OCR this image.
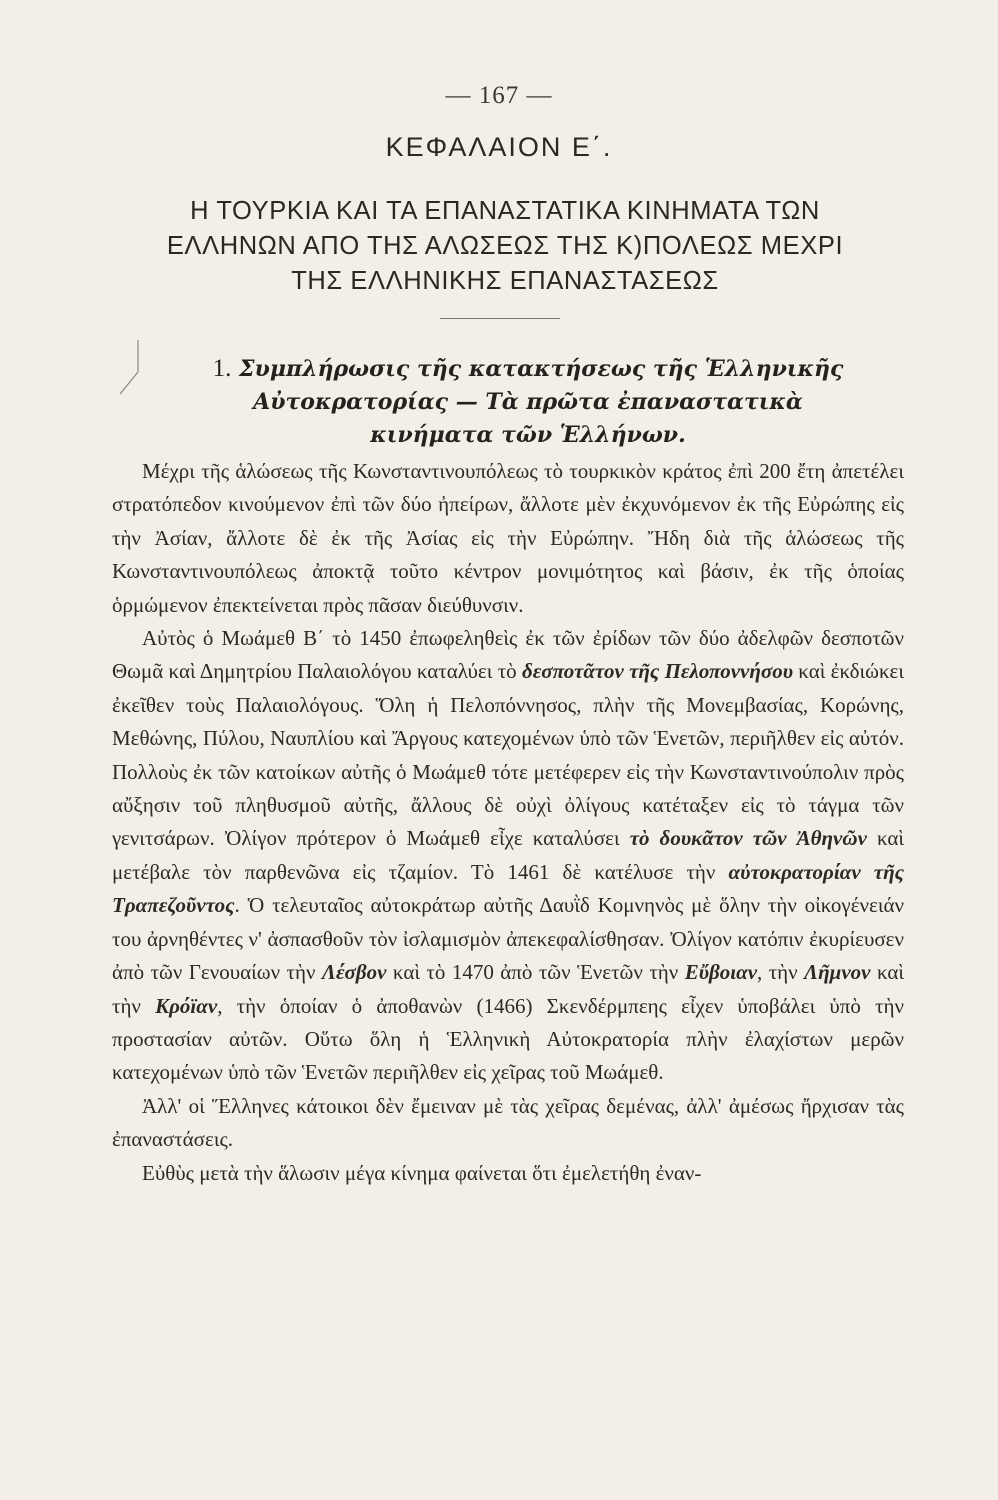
— 167 —
ΚΕΦΑΛΑΙΟΝ Ε΄.
Η ΤΟΥΡΚΙΑ ΚΑΙ ΤΑ ΕΠΑΝΑΣΤΑΤΙΚΑ ΚΙΝΗΜΑΤΑ ΤΩΝ
ΕΛΛΗΝΩΝ ΑΠΟ ΤΗΣ ΑΛΩΣΕΩΣ ΤΗΣ Κ)ΠΟΛΕΩΣ ΜΕΧΡΙ
ΤΗΣ ΕΛΛΗΝΙΚΗΣ ΕΠΑΝΑΣΤΑΣΕΩΣ
1. Συμπλήρωσις τῆς κατακτήσεως τῆς Ἑλληνικῆς
Αὐτοκρατορίας — Τὰ πρῶτα ἐπαναστατικὰ
κινήματα τῶν Ἑλλήνων.

Μέχρι τῆς ἁλώσεως τῆς Κωνσταντινουπόλεως τὸ τουρκικὸν κράτος ἐπὶ 200 ἔτη ἀπετέλει στρατόπεδον κινούμενον ἐπὶ τῶν δύο ἠπείρων, ἄλλοτε μὲν ἐκχυνόμενον ἐκ τῆς Εὐρώπης εἰς τὴν Ἀσίαν, ἄλλοτε δὲ ἐκ τῆς Ἀσίας εἰς τὴν Εὐρώπην. Ἤδη διὰ τῆς ἁλώσεως τῆς Κωνσταντινουπόλεως ἀποκτᾷ τοῦτο κέντρον μονιμότητος καὶ βάσιν, ἐκ τῆς ὁποίας ὁρμώμενον ἐπεκτείνεται πρὸς πᾶσαν διεύθυνσιν.

Αὐτὸς ὁ Μωάμεθ Β΄ τὸ 1450 ἐπωφεληθεὶς ἐκ τῶν ἐρίδων τῶν δύο ἀδελφῶν δεσποτῶν Θωμᾶ καὶ Δημητρίου Παλαιολόγου καταλύει τὸ δεσποτᾶτον τῆς Πελοποννήσου καὶ ἐκδιώκει ἐκεῖθεν τοὺς Παλαιολόγους. Ὅλη ἡ Πελοπόννησος, πλὴν τῆς Μονεμβασίας, Κορώνης, Μεθώνης, Πύλου, Ναυπλίου καὶ Ἄργους κατεχομένων ὑπὸ τῶν Ἑνετῶν, περιῆλθεν εἰς αὐτόν. Πολλοὺς ἐκ τῶν κατοίκων αὐτῆς ὁ Μωάμεθ τότε μετέφερεν εἰς τὴν Κωνσταντινούπολιν πρὸς αὔξησιν τοῦ πληθυσμοῦ αὐτῆς, ἄλλους δὲ οὐχὶ ὀλίγους κατέταξεν εἰς τὸ τάγμα τῶν γενιτσάρων. Ὀλίγον πρότερον ὁ Μωάμεθ εἶχε καταλύσει τὸ δουκᾶτον τῶν Ἀθηνῶν καὶ μετέβαλε τὸν παρθενῶνα εἰς τζαμίον. Τὸ 1461 δὲ κατέλυσε τὴν αὐτοκρατορίαν τῆς Τραπεζοῦντος. Ὁ τελευταῖος αὐτοκράτωρ αὐτῆς Δαυῒδ Κομνηνὸς μὲ ὅλην τὴν οἰκογένειάν του ἀρνηθέντες ν' ἀσπασθοῦν τὸν ἰσλαμισμὸν ἀπεκεφαλίσθησαν. Ὀλίγον κατόπιν ἐκυρίευσεν ἀπὸ τῶν Γενουαίων τὴν Λέσβον καὶ τὸ 1470 ἀπὸ τῶν Ἑνετῶν τὴν Εὔβοιαν, τὴν Λῆμνον καὶ τὴν Κρόϊαν, τὴν ὁποίαν ὁ ἀποθανὼν (1466) Σκενδέρμπεης εἶχεν ὑποβάλει ὑπὸ τὴν προστασίαν αὐτῶν. Οὕτω ὅλη ἡ Ἑλληνικὴ Αὐτοκρατορία πλὴν ἐλαχίστων μερῶν κατεχομένων ὑπὸ τῶν Ἑνετῶν περιῆλθεν εἰς χεῖρας τοῦ Μωάμεθ.

Ἀλλ' οἱ Ἕλληνες κάτοικοι δὲν ἔμειναν μὲ τὰς χεῖρας δεμένας, ἀλλ' ἀμέσως ἤρχισαν τὰς ἐπαναστάσεις.

Εὐθὺς μετὰ τὴν ἅλωσιν μέγα κίνημα φαίνεται ὅτι ἐμελετήθη ἐναν-
